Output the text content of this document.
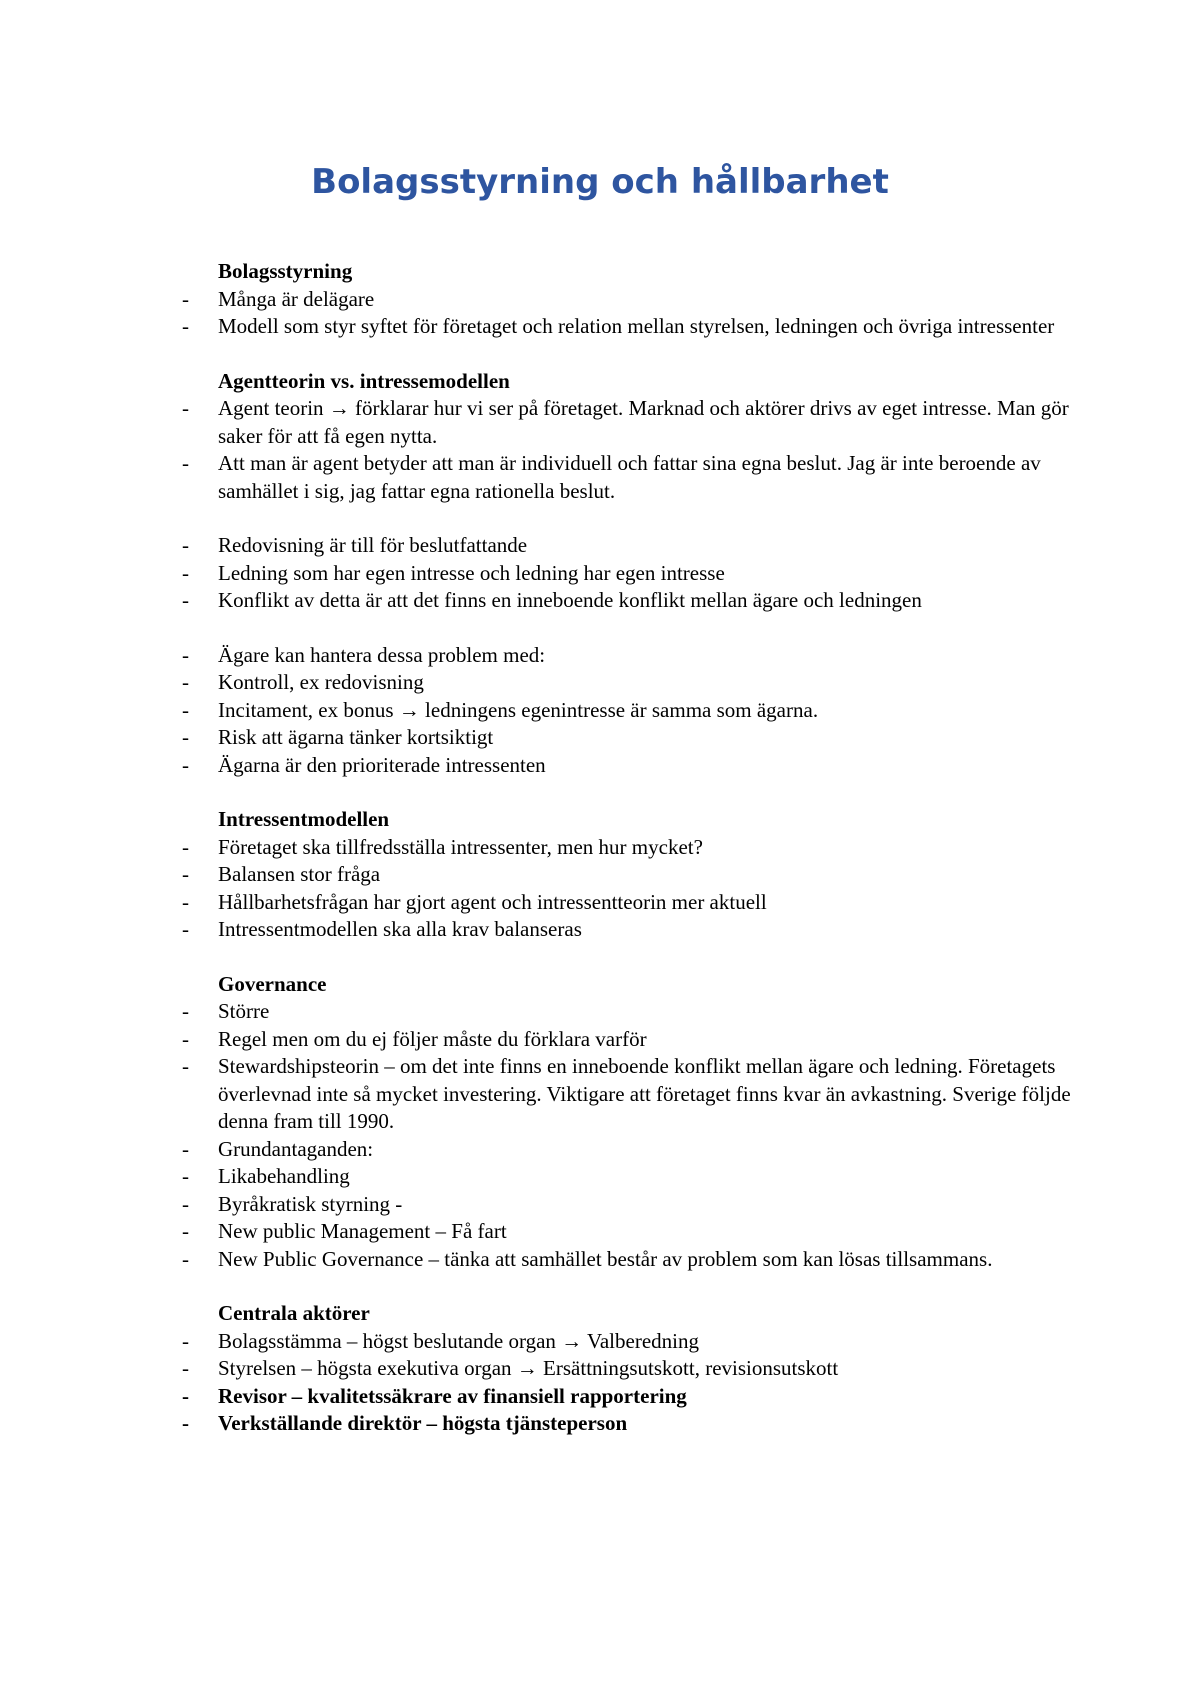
Bolagsstyrning och hållbarhet

Bolagsstyrning

- Många är delägare
- Modell som styr syftet för företaget och relation mellan styrelsen, ledningen och övriga intressenter

Agentteorin vs. intressemodellen

- Agent teorin → förklarar hur vi ser på företaget. Marknad och aktörer drivs av eget intresse. Man gör saker för att få egen nytta.
- Att man är agent betyder att man är individuell och fattar sina egna beslut. Jag är inte beroende av samhället i sig, jag fattar egna rationella beslut.
- Redovisning är till för beslutfattande
- Ledning som har egen intresse och ledning har egen intresse
- Konflikt av detta är att det finns en inneboende konflikt mellan ägare och ledningen
- Ägare kan hantera dessa problem med:
- Kontroll, ex redovisning
- Incitament, ex bonus → ledningens egenintresse är samma som ägarna.
- Risk att ägarna tänker kortsiktigt
- Ägarna är den prioriterade intressenten

Intressentmodellen

- Företaget ska tillfredsställa intressenter, men hur mycket?
- Balansen stor fråga
- Hållbarhetsfrågan har gjort agent och intressentteorin mer aktuell
- Intressentmodellen ska alla krav balanseras

Governance

- Större
- Regel men om du ej följer måste du förklara varför
- Stewardshipsteorin – om det inte finns en inneboende konflikt mellan ägare och ledning. Företagets överlevnad inte så mycket investering. Viktigare att företaget finns kvar än avkastning. Sverige följde denna fram till 1990.
- Grundantaganden:
- Likabehandling
- Byråkratisk styrning -
- New public Management – Få fart
- New Public Governance – tänka att samhället består av problem som kan lösas tillsammans.

Centrala aktörer

- Bolagsstämma – högst beslutande organ → Valberedning
- Styrelsen – högsta exekutiva organ → Ersättningsutskott, revisionsutskott
- Revisor – kvalitetssäkrare av finansiell rapportering
- Verkställande direktör – högsta tjänsteperson
